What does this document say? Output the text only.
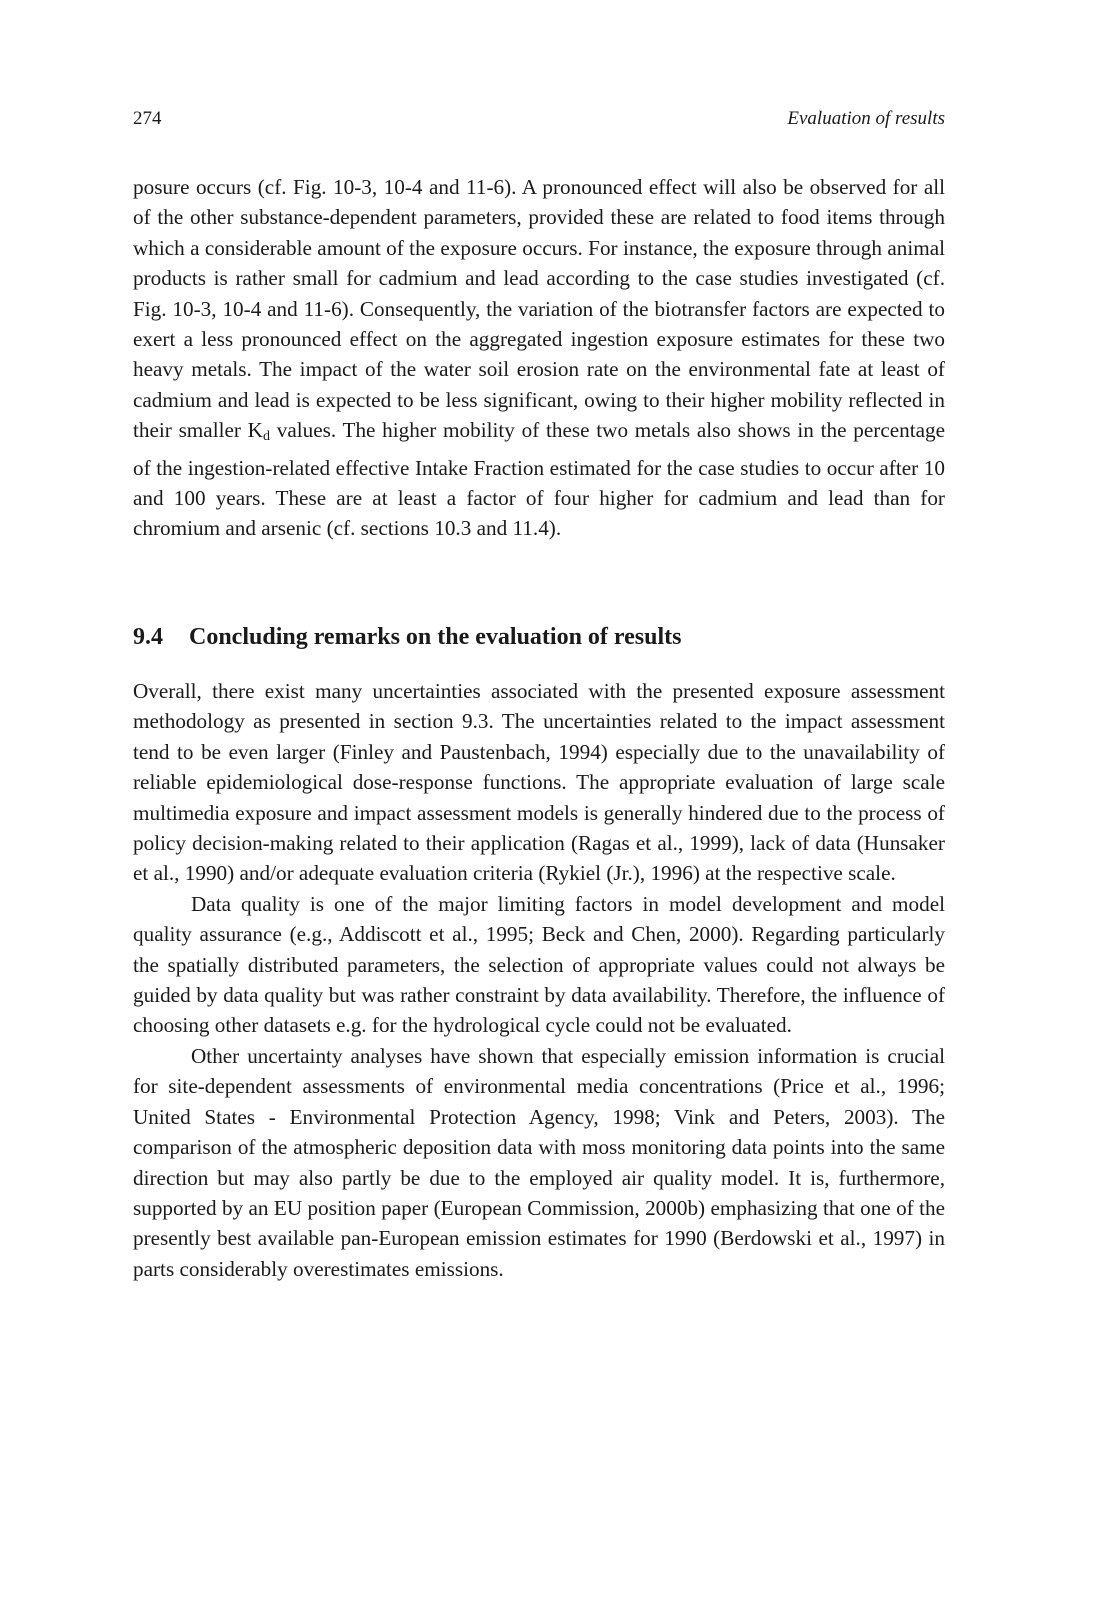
274	Evaluation of results

posure occurs (cf. Fig. 10-3, 10-4 and 11-6). A pronounced effect will also be observed for all of the other substance-dependent parameters, provided these are related to food items through which a considerable amount of the exposure occurs. For instance, the exposure through animal products is rather small for cadmium and lead according to the case studies investigated (cf. Fig. 10-3, 10-4 and 11-6). Consequently, the variation of the biotransfer factors are expected to exert a less pronounced effect on the aggregated ingestion exposure estimates for these two heavy metals. The impact of the water soil erosion rate on the environmental fate at least of cadmium and lead is expected to be less significant, owing to their higher mobility reflected in their smaller $K_d$ values. The higher mobility of these two metals also shows in the percentage of the ingestion-related effective Intake Fraction estimated for the case studies to occur after 10 and 100 years. These are at least a factor of four higher for cadmium and lead than for chromium and arsenic (cf. sections 10.3 and 11.4).

9.4 Concluding remarks on the evaluation of results

Overall, there exist many uncertainties associated with the presented exposure assessment methodology as presented in section 9.3. The uncertainties related to the impact assessment tend to be even larger (Finley and Paustenbach, 1994) especially due to the unavailability of reliable epidemiological dose-response functions. The appropriate evaluation of large scale multimedia exposure and impact assessment models is generally hindered due to the process of policy decision-making related to their application (Ragas et al., 1999), lack of data (Hunsaker et al., 1990) and/or adequate evaluation criteria (Rykiel (Jr.), 1996) at the respective scale.

Data quality is one of the major limiting factors in model development and model quality assurance (e.g., Addiscott et al., 1995; Beck and Chen, 2000). Regarding particularly the spatially distributed parameters, the selection of appropriate values could not always be guided by data quality but was rather constraint by data availability. Therefore, the influence of choosing other datasets e.g. for the hydrological cycle could not be evaluated.

Other uncertainty analyses have shown that especially emission information is crucial for site-dependent assessments of environmental media concentrations (Price et al., 1996; United States - Environmental Protection Agency, 1998; Vink and Peters, 2003). The comparison of the atmospheric deposition data with moss monitoring data points into the same direction but may also partly be due to the employed air quality model. It is, furthermore, supported by an EU position paper (European Commission, 2000b) emphasizing that one of the presently best available pan-European emission estimates for 1990 (Berdowski et al., 1997) in parts considerably overestimates emissions.
